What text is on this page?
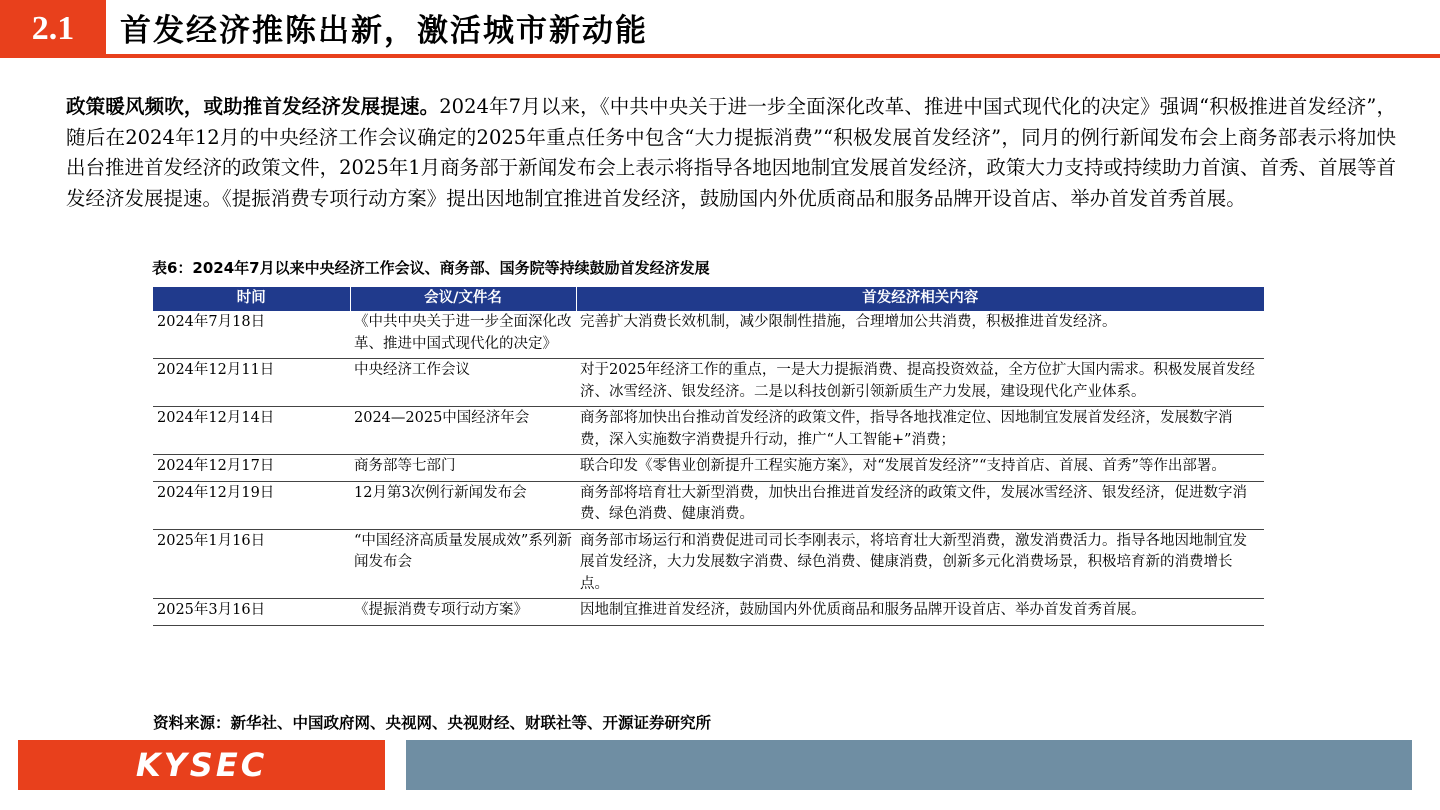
2.1 首发经济推陈出新，激活城市新动能
政策暖风频吹，或助推首发经济发展提速。2024年7月以来，《中共中央关于进一步全面深化改革、推进中国式现代化的决定》强调“积极推进首发经济”，随后在2024年12月的中央经济工作会议确定的2025年重点任务中包含“大力提振消费”“积极发展首发经济”，同月的例行新闻发布会上商务部表示将加快出台推进首发经济的政策文件，2025年1月商务部于新闻发布会上表示将指导各地因地制宜发展首发经济，政策大力支持或持续助力首演、首秀、首展等首发经济发展提速。《提振消费专项行动方案》提出因地制宜推进首发经济，鼓励国内外优质商品和服务品牌开设首店、举办首发首秀首展。
表6：2024年7月以来中央经济工作会议、商务部、国务院等持续鼓励首发经济发展
时间	会议/文件名	首发经济相关内容
2024年7月18日	《中共中央关于进一步全面深化改革、推进中国式现代化的决定》	完善扩大消费长效机制，减少限制性措施，合理增加公共消费，积极推进首发经济。
2024年12月11日	中央经济工作会议	对于2025年经济工作的重点，一是大力提振消费、提高投资效益，全方位扩大国内需求。积极发展首发经济、冰雪经济、银发经济。二是以科技创新引领新质生产力发展，建设现代化产业体系。
2024年12月14日	2024—2025中国经济年会	商务部将加快出台推动首发经济的政策文件，指导各地找准定位、因地制宜发展首发经济，发展数字消费，深入实施数字消费提升行动，推广“人工智能+”消费；
2024年12月17日	商务部等七部门	联合印发《零售业创新提升工程实施方案》，对“发展首发经济”“支持首店、首展、首秀”等作出部署。
2024年12月19日	12月第3次例行新闻发布会	商务部将培育壮大新型消费，加快出台推进首发经济的政策文件，发展冰雪经济、银发经济，促进数字消费、绿色消费、健康消费。
2025年1月16日	“中国经济高质量发展成效”系列新闻发布会	商务部市场运行和消费促进司司长李刚表示，将培育壮大新型消费，激发消费活力。指导各地因地制宜发展首发经济，大力发展数字消费、绿色消费、健康消费，创新多元化消费场景，积极培育新的消费增长点。
2025年3月16日	《提振消费专项行动方案》	因地制宜推进首发经济，鼓励国内外优质商品和服务品牌开设首店、举办首发首秀首展。
资料来源：新华社、中国政府网、央视网、央视财经、财联社等、开源证券研究所
KYSEC
